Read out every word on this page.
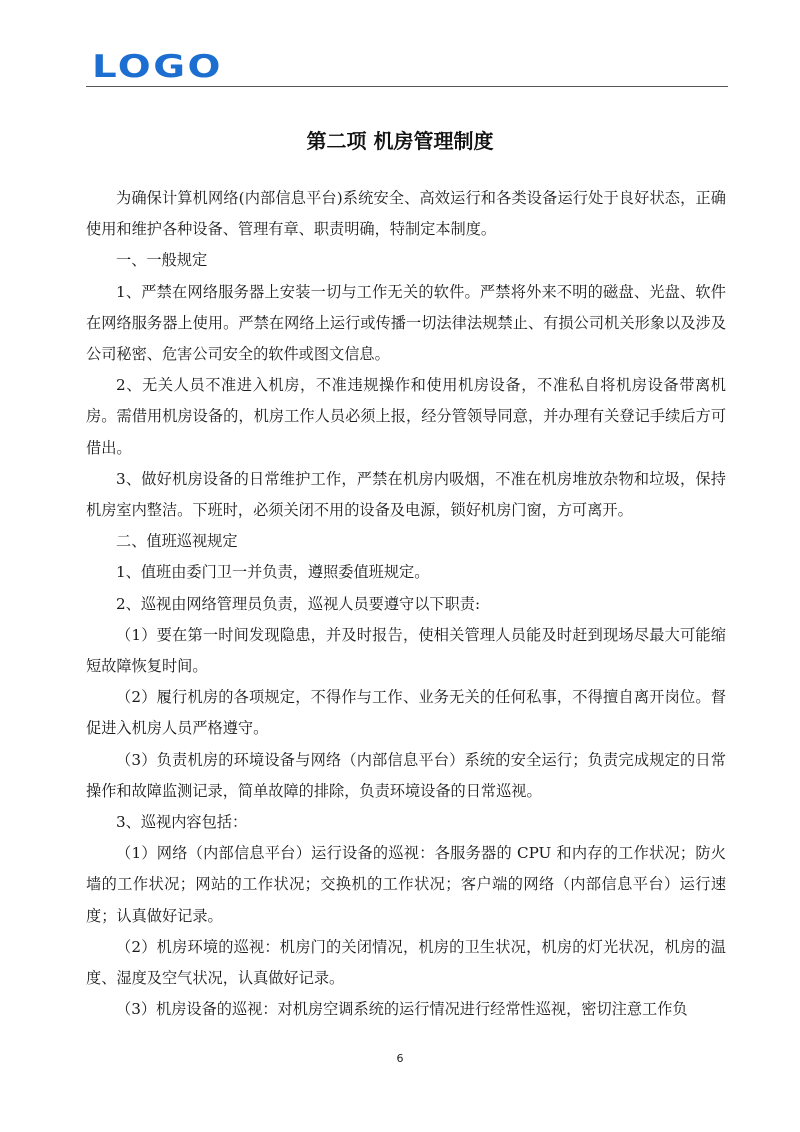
LOGO
第二项 机房管理制度

为确保计算机网络(内部信息平台)系统安全、高效运行和各类设备运行处于良好状态，正确使用和维护各种设备、管理有章、职责明确，特制定本制度。

一、一般规定

1、严禁在网络服务器上安装一切与工作无关的软件。严禁将外来不明的磁盘、光盘、软件在网络服务器上使用。严禁在网络上运行或传播一切法律法规禁止、有损公司机关形象以及涉及公司秘密、危害公司安全的软件或图文信息。

2、无关人员不准进入机房，不准违规操作和使用机房设备，不准私自将机房设备带离机房。需借用机房设备的，机房工作人员必须上报，经分管领导同意，并办理有关登记手续后方可借出。

3、做好机房设备的日常维护工作，严禁在机房内吸烟，不准在机房堆放杂物和垃圾，保持机房室内整洁。下班时，必须关闭不用的设备及电源，锁好机房门窗，方可离开。

二、值班巡视规定

1、值班由委门卫一并负责，遵照委值班规定。

2、巡视由网络管理员负责，巡视人员要遵守以下职责:

（1）要在第一时间发现隐患，并及时报告，使相关管理人员能及时赶到现场尽最大可能缩短故障恢复时间。

（2）履行机房的各项规定，不得作与工作、业务无关的任何私事，不得擅自离开岗位。督促进入机房人员严格遵守。

（3）负责机房的环境设备与网络（内部信息平台）系统的安全运行；负责完成规定的日常操作和故障监测记录，简单故障的排除，负责环境设备的日常巡视。

3、巡视内容包括：

（1）网络（内部信息平台）运行设备的巡视：各服务器的 CPU 和内存的工作状况；防火墙的工作状况；网站的工作状况；交换机的工作状况；客户端的网络（内部信息平台）运行速度；认真做好记录。

（2）机房环境的巡视：机房门的关闭情况，机房的卫生状况，机房的灯光状况，机房的温度、湿度及空气状况，认真做好记录。

（3）机房设备的巡视：对机房空调系统的运行情况进行经常性巡视，密切注意工作负

6
